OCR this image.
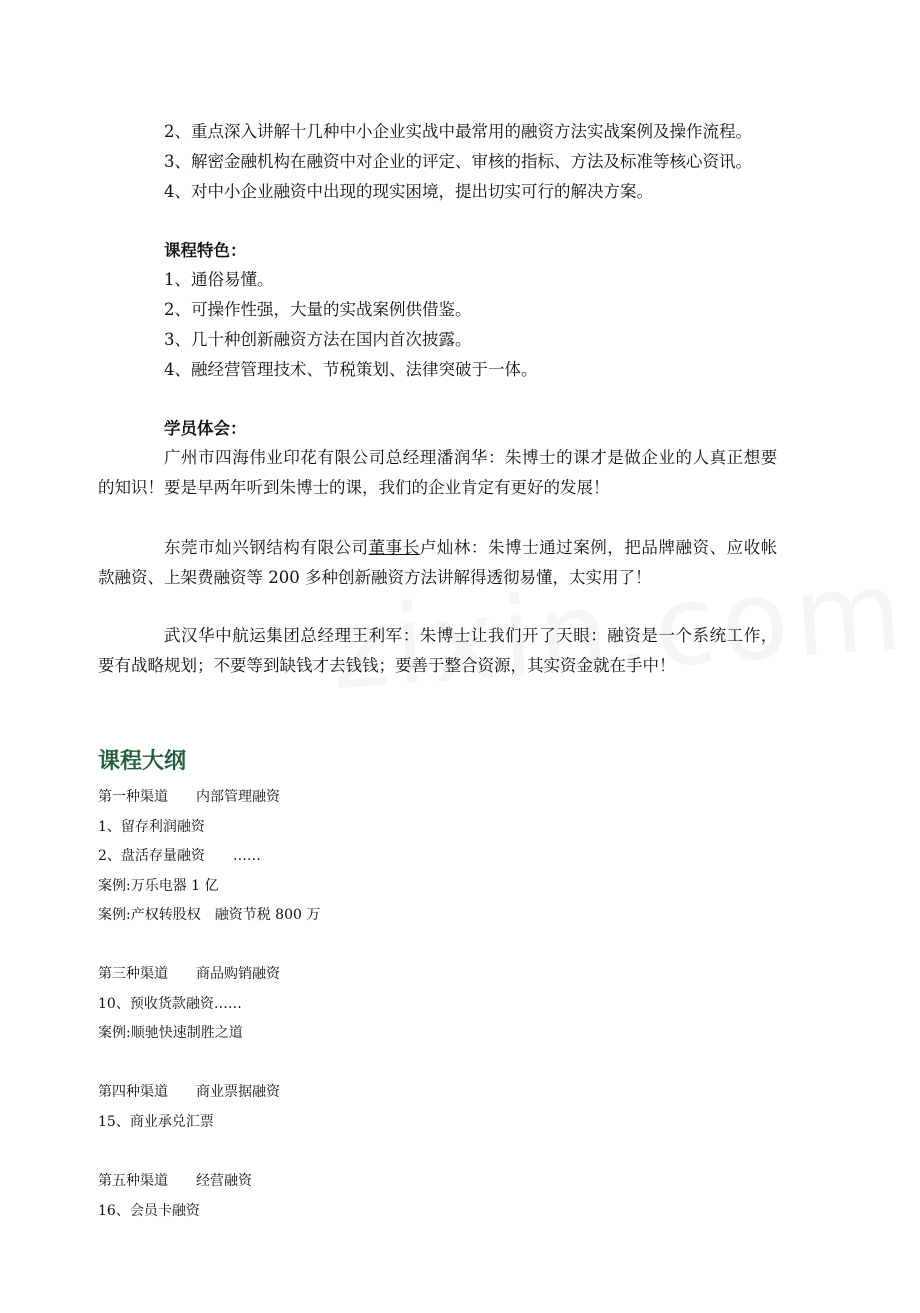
2、重点深入讲解十几种中小企业实战中最常用的融资方法实战案例及操作流程。
3、解密金融机构在融资中对企业的评定、审核的指标、方法及标准等核心资讯。
4、对中小企业融资中出现的现实困境，提出切实可行的解决方案。
课程特色：
1、通俗易懂。
2、可操作性强，大量的实战案例供借鉴。
3、几十种创新融资方法在国内首次披露。
4、融经营管理技术、节税策划、法律突破于一体。
学员体会：
广州市四海伟业印花有限公司总经理潘润华：朱博士的课才是做企业的人真正想要
的知识！要是早两年听到朱博士的课，我们的企业肯定有更好的发展！
东莞市灿兴钢结构有限公司董事长卢灿林：朱博士通过案例，把品牌融资、应收帐
款融资、上架费融资等 200 多种创新融资方法讲解得透彻易懂，太实用了！
武汉华中航运集团总经理王利军：朱博士让我们开了天眼：融资是一个系统工作，
要有战略规划；不要等到缺钱才去钱钱；要善于整合资源，其实资金就在手中！
课程大纲
第一种渠道　　内部管理融资
1、留存利润融资
2、盘活存量融资　　……
案例:万乐电器 1 亿
案例:产权转股权　融资节税 800 万
第三种渠道　　商品购销融资
10、预收货款融资……
案例:顺驰快速制胜之道
第四种渠道　　商业票据融资
15、商业承兑汇票
第五种渠道　　经营融资
16、会员卡融资
